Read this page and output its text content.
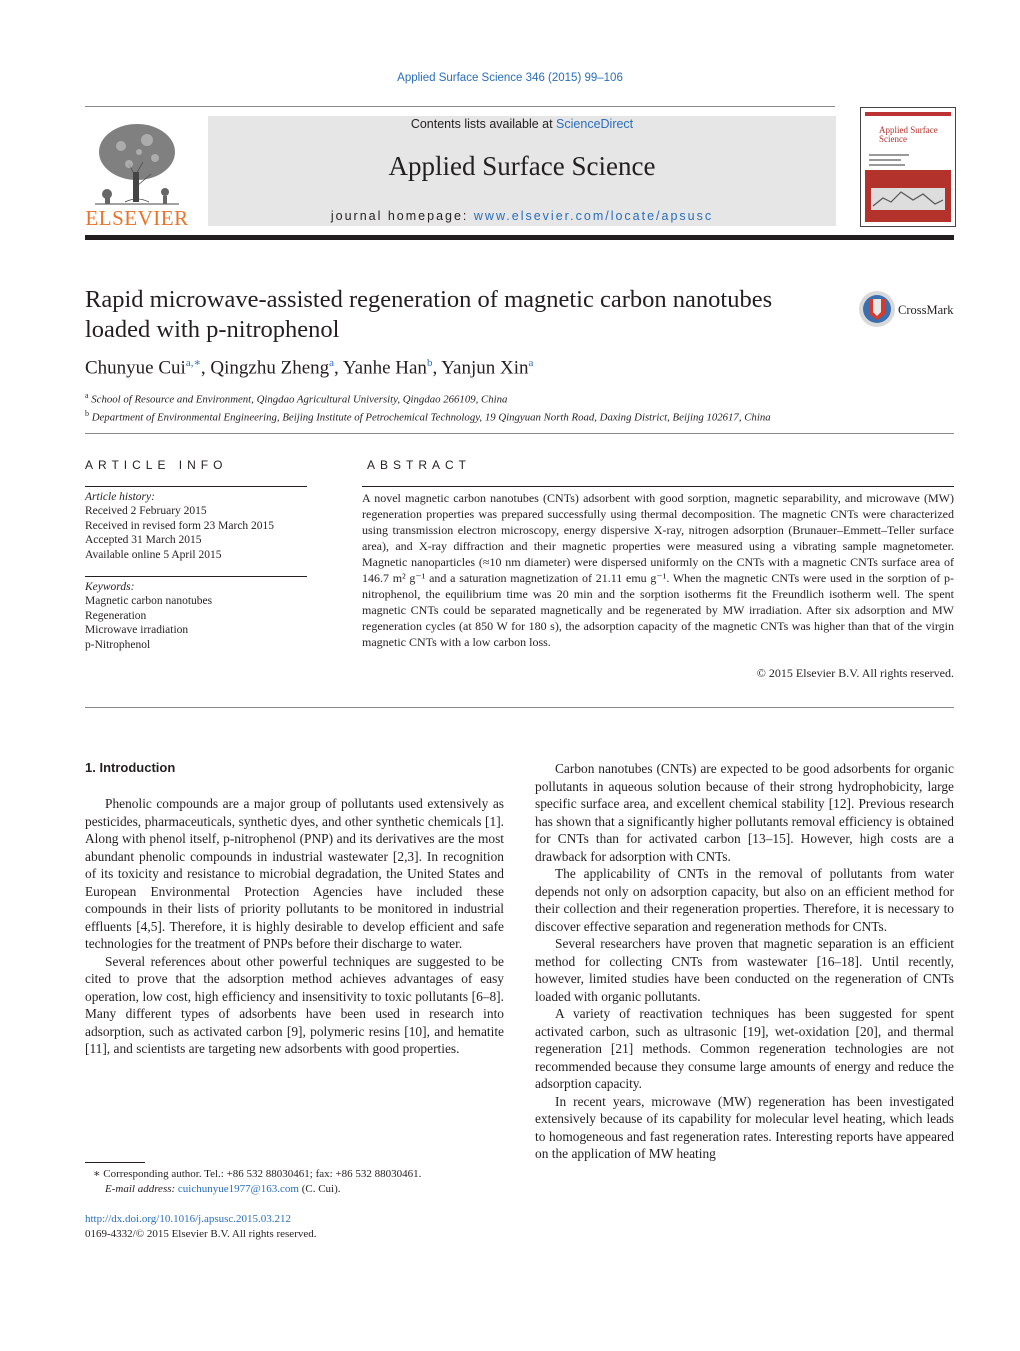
Applied Surface Science 346 (2015) 99–106
ELSEVIER
Contents lists available at ScienceDirect
Applied Surface Science
journal homepage: www.elsevier.com/locate/apsusc
Applied Surface Science
Rapid microwave-assisted regeneration of magnetic carbon nanotubes loaded with p-nitrophenol
CrossMark
Chunyue Cui$^{a,∗}$, Qingzhu Zheng$^a$, Yanhe Han$^b$, Yanjun Xin$^a$
$^a$ School of Resource and Environment, Qingdao Agricultural University, Qingdao 266109, China
$^b$ Department of Environmental Engineering, Beijing Institute of Petrochemical Technology, 19 Qingyuan North Road, Daxing District, Beijing 102617, China
ARTICLE INFO	ABSTRACT
Article history:
Received 2 February 2015
Received in revised form 23 March 2015
Accepted 31 March 2015
Available online 5 April 2015
Keywords:
Magnetic carbon nanotubes
Regeneration
Microwave irradiation
p-Nitrophenol
A novel magnetic carbon nanotubes (CNTs) adsorbent with good sorption, magnetic separability, and microwave (MW) regeneration properties was prepared successfully using thermal decomposition. The magnetic CNTs were characterized using transmission electron microscopy, energy dispersive X-ray, nitrogen adsorption (Brunauer–Emmett–Teller surface area), and X-ray diffraction and their magnetic properties were measured using a vibrating sample magnetometer. Magnetic nanoparticles (≈10 nm diameter) were dispersed uniformly on the CNTs with a magnetic CNTs surface area of 146.7 m² g⁻¹ and a saturation magnetization of 21.11 emu g⁻¹. When the magnetic CNTs were used in the sorption of p-nitrophenol, the equilibrium time was 20 min and the sorption isotherms fit the Freundlich isotherm well. The spent magnetic CNTs could be separated magnetically and be regenerated by MW irradiation. After six adsorption and MW regeneration cycles (at 850 W for 180 s), the adsorption capacity of the magnetic CNTs was higher than that of the virgin magnetic CNTs with a low carbon loss.
© 2015 Elsevier B.V. All rights reserved.
1. Introduction

Phenolic compounds are a major group of pollutants used extensively as pesticides, pharmaceuticals, synthetic dyes, and other synthetic chemicals [1]. Along with phenol itself, p-nitrophenol (PNP) and its derivatives are the most abundant phenolic compounds in industrial wastewater [2,3]. In recognition of its toxicity and resistance to microbial degradation, the United States and European Environmental Protection Agencies have included these compounds in their lists of priority pollutants to be monitored in industrial effluents [4,5]. Therefore, it is highly desirable to develop efficient and safe technologies for the treatment of PNPs before their discharge to water.

Several references about other powerful techniques are suggested to be cited to prove that the adsorption method achieves advantages of easy operation, low cost, high efficiency and insensitivity to toxic pollutants [6–8]. Many different types of adsorbents have been used in research into adsorption, such as activated carbon [9], polymeric resins [10], and hematite [11], and scientists are targeting new adsorbents with good properties.

Carbon nanotubes (CNTs) are expected to be good adsorbents for organic pollutants in aqueous solution because of their strong hydrophobicity, large specific surface area, and excellent chemical stability [12]. Previous research has shown that a significantly higher pollutants removal efficiency is obtained for CNTs than for activated carbon [13–15]. However, high costs are a drawback for adsorption with CNTs.

The applicability of CNTs in the removal of pollutants from water depends not only on adsorption capacity, but also on an efficient method for their collection and their regeneration properties. Therefore, it is necessary to discover effective separation and regeneration methods for CNTs.

Several researchers have proven that magnetic separation is an efficient method for collecting CNTs from wastewater [16–18]. Until recently, however, limited studies have been conducted on the regeneration of CNTs loaded with organic pollutants.

A variety of reactivation techniques has been suggested for spent activated carbon, such as ultrasonic [19], wet-oxidation [20], and thermal regeneration [21] methods. Common regeneration technologies are not recommended because they consume large amounts of energy and reduce the adsorption capacity.

In recent years, microwave (MW) regeneration has been investigated extensively because of its capability for molecular level heating, which leads to homogeneous and fast regeneration rates. Interesting reports have appeared on the application of MW heating

∗ Corresponding author. Tel.: +86 532 88030461; fax: +86 532 88030461.
E-mail address: cuichunyue1977@163.com (C. Cui).
http://dx.doi.org/10.1016/j.apsusc.2015.03.212
0169-4332/© 2015 Elsevier B.V. All rights reserved.
